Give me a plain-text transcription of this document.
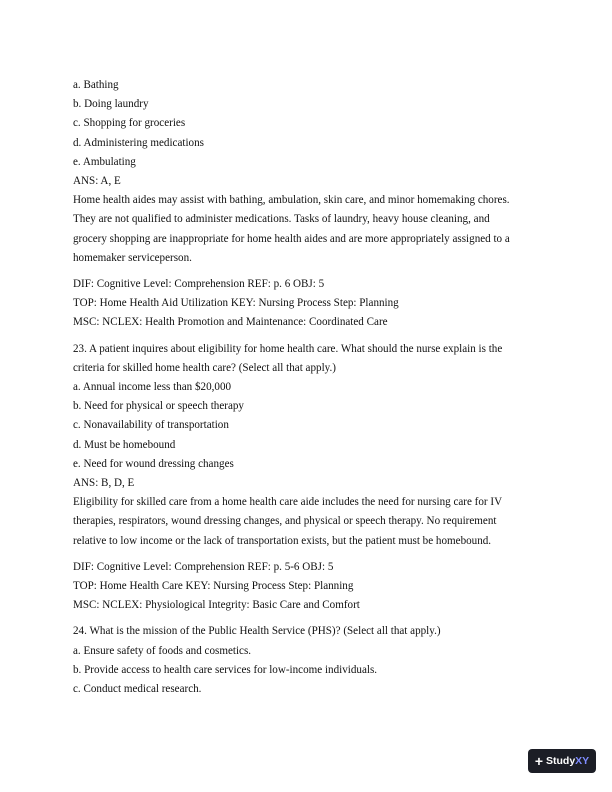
a. Bathing
b. Doing laundry
c. Shopping for groceries
d. Administering medications
e. Ambulating
ANS: A, E
Home health aides may assist with bathing, ambulation, skin care, and minor homemaking chores.
They are not qualified to administer medications. Tasks of laundry, heavy house cleaning, and
grocery shopping are inappropriate for home health aides and are more appropriately assigned to a
homemaker serviceperson.
DIF: Cognitive Level: Comprehension REF: p. 6 OBJ: 5
TOP: Home Health Aid Utilization KEY: Nursing Process Step: Planning
MSC: NCLEX: Health Promotion and Maintenance: Coordinated Care
23. A patient inquires about eligibility for home health care. What should the nurse explain is the
criteria for skilled home health care? (Select all that apply.)
a. Annual income less than $20,000
b. Need for physical or speech therapy
c. Nonavailability of transportation
d. Must be homebound
e. Need for wound dressing changes
ANS: B, D, E
Eligibility for skilled care from a home health care aide includes the need for nursing care for IV
therapies, respirators, wound dressing changes, and physical or speech therapy. No requirement
relative to low income or the lack of transportation exists, but the patient must be homebound.
DIF: Cognitive Level: Comprehension REF: p. 5-6 OBJ: 5
TOP: Home Health Care KEY: Nursing Process Step: Planning
MSC: NCLEX: Physiological Integrity: Basic Care and Comfort
24. What is the mission of the Public Health Service (PHS)? (Select all that apply.)
a. Ensure safety of foods and cosmetics.
b. Provide access to health care services for low-income individuals.
c. Conduct medical research.
+ Study XY
